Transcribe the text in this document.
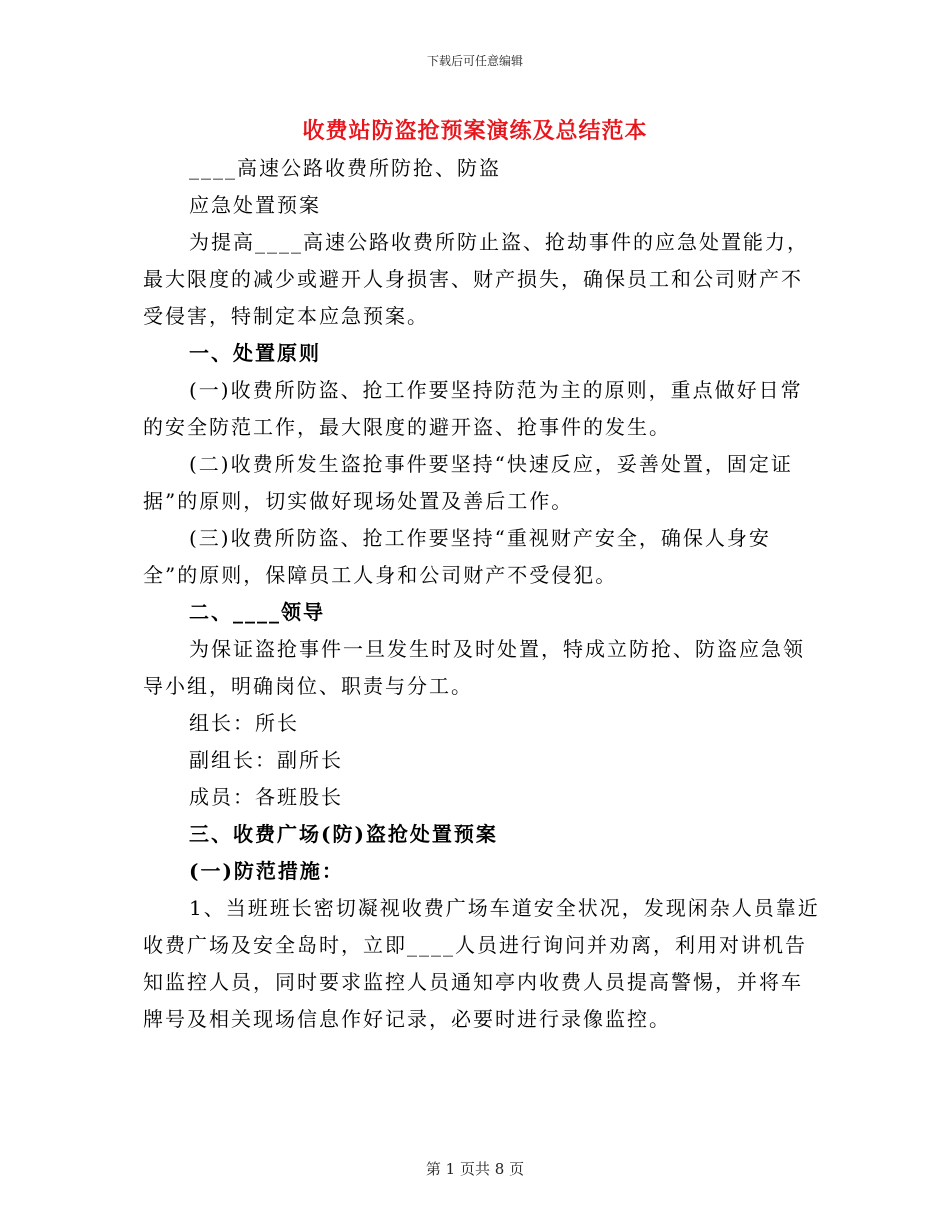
下载后可任意编辑
收费站防盗抢预案演练及总结范本

____高速公路收费所防抢、防盗

应急处置预案

为提高____高速公路收费所防止盗、抢劫事件的应急处置能力，

最大限度的减少或避开人身损害、财产损失，确保员工和公司财产不

受侵害，特制定本应急预案。

一、处置原则

(一)收费所防盗、抢工作要坚持防范为主的原则，重点做好日常

的安全防范工作，最大限度的避开盗、抢事件的发生。

(二)收费所发生盗抢事件要坚持“快速反应，妥善处置，固定证

据”的原则，切实做好现场处置及善后工作。

(三)收费所防盗、抢工作要坚持“重视财产安全，确保人身安

全”的原则，保障员工人身和公司财产不受侵犯。

二、____领导

为保证盗抢事件一旦发生时及时处置，特成立防抢、防盗应急领

导小组，明确岗位、职责与分工。

组长：所长

副组长：副所长

成员：各班股长

三、收费广场(防)盗抢处置预案

(一)防范措施：

1、当班班长密切凝视收费广场车道安全状况，发现闲杂人员靠近

收费广场及安全岛时，立即____人员进行询问并劝离，利用对讲机告

知监控人员，同时要求监控人员通知亭内收费人员提高警惕，并将车

牌号及相关现场信息作好记录，必要时进行录像监控。

第 1 页共 8 页
